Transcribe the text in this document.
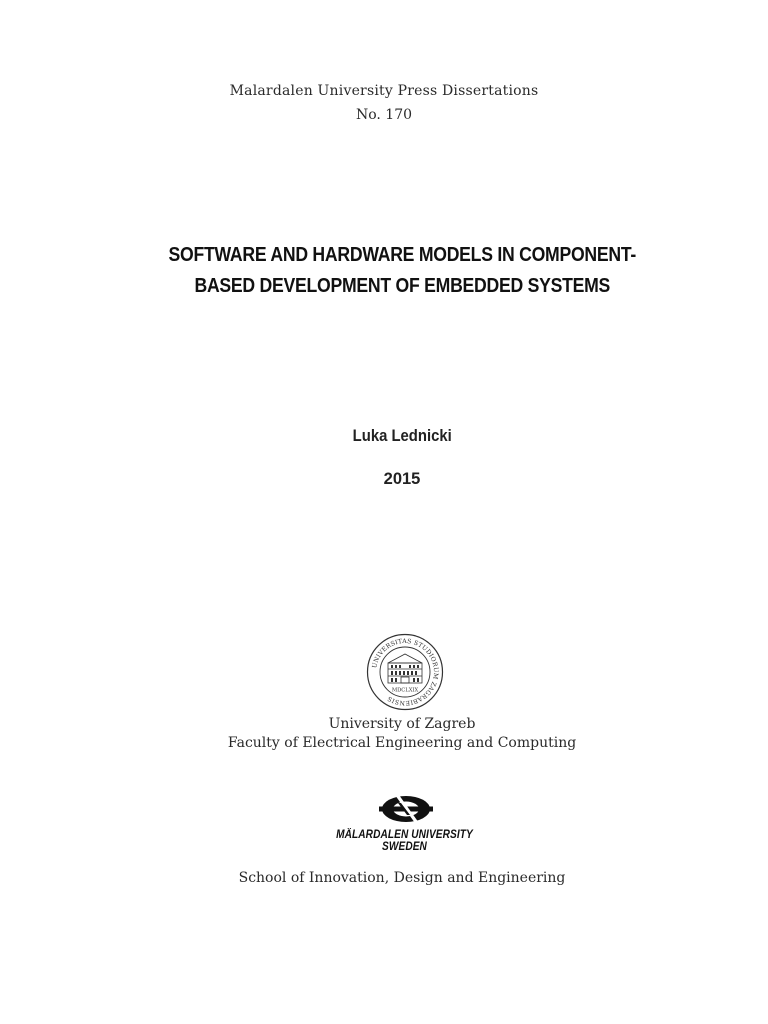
Malardalen University Press Dissertations
No. 170
SOFTWARE AND HARDWARE MODELS IN COMPONENT-
BASED DEVELOPMENT OF EMBEDDED SYSTEMS
Luka Lednicki
2015
UNIVERSITAS STUDIORUM ZAGRABIENSIS
MDCLXIX
University of Zagreb
Faculty of Electrical Engineering and Computing
MÄLARDALEN UNIVERSITY
SWEDEN
School of Innovation, Design and Engineering
